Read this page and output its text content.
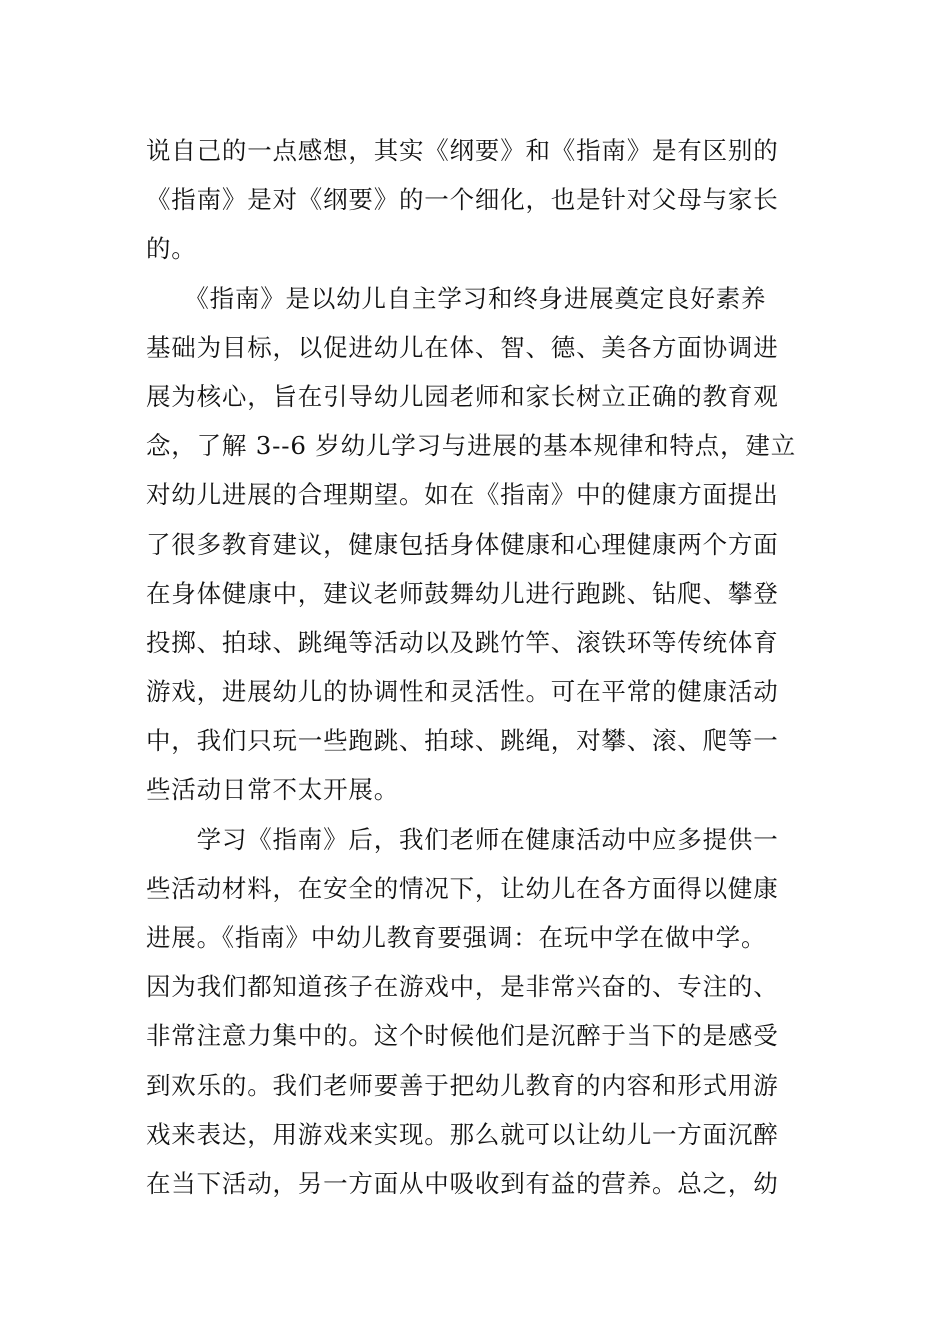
说自己的一点感想，其实《纲要》和《指南》是有区别的
《指南》是对《纲要》的一个细化，也是针对父母与家长
的。
　　《指南》是以幼儿自主学习和终身进展奠定良好素养
基础为目标，以促进幼儿在体、智、德、美各方面协调进
展为核心，旨在引导幼儿园老师和家长树立正确的教育观
念，了解 3--6 岁幼儿学习与进展的基本规律和特点，建立
对幼儿进展的合理期望。如在《指南》中的健康方面提出
了很多教育建议，健康包括身体健康和心理健康两个方面
在身体健康中，建议老师鼓舞幼儿进行跑跳、钻爬、攀登
投掷、拍球、跳绳等活动以及跳竹竿、滚铁环等传统体育
游戏，进展幼儿的协调性和灵活性。可在平常的健康活动
中，我们只玩一些跑跳、拍球、跳绳，对攀、滚、爬等一
些活动日常不太开展。
　　学习《指南》后，我们老师在健康活动中应多提供一
些活动材料，在安全的情况下，让幼儿在各方面得以健康
进展。《指南》中幼儿教育要强调：在玩中学在做中学。
因为我们都知道孩子在游戏中，是非常兴奋的、专注的、
非常注意力集中的。这个时候他们是沉醉于当下的是感受
到欢乐的。我们老师要善于把幼儿教育的内容和形式用游
戏来表达，用游戏来实现。那么就可以让幼儿一方面沉醉
在当下活动，另一方面从中吸收到有益的营养。总之，幼
